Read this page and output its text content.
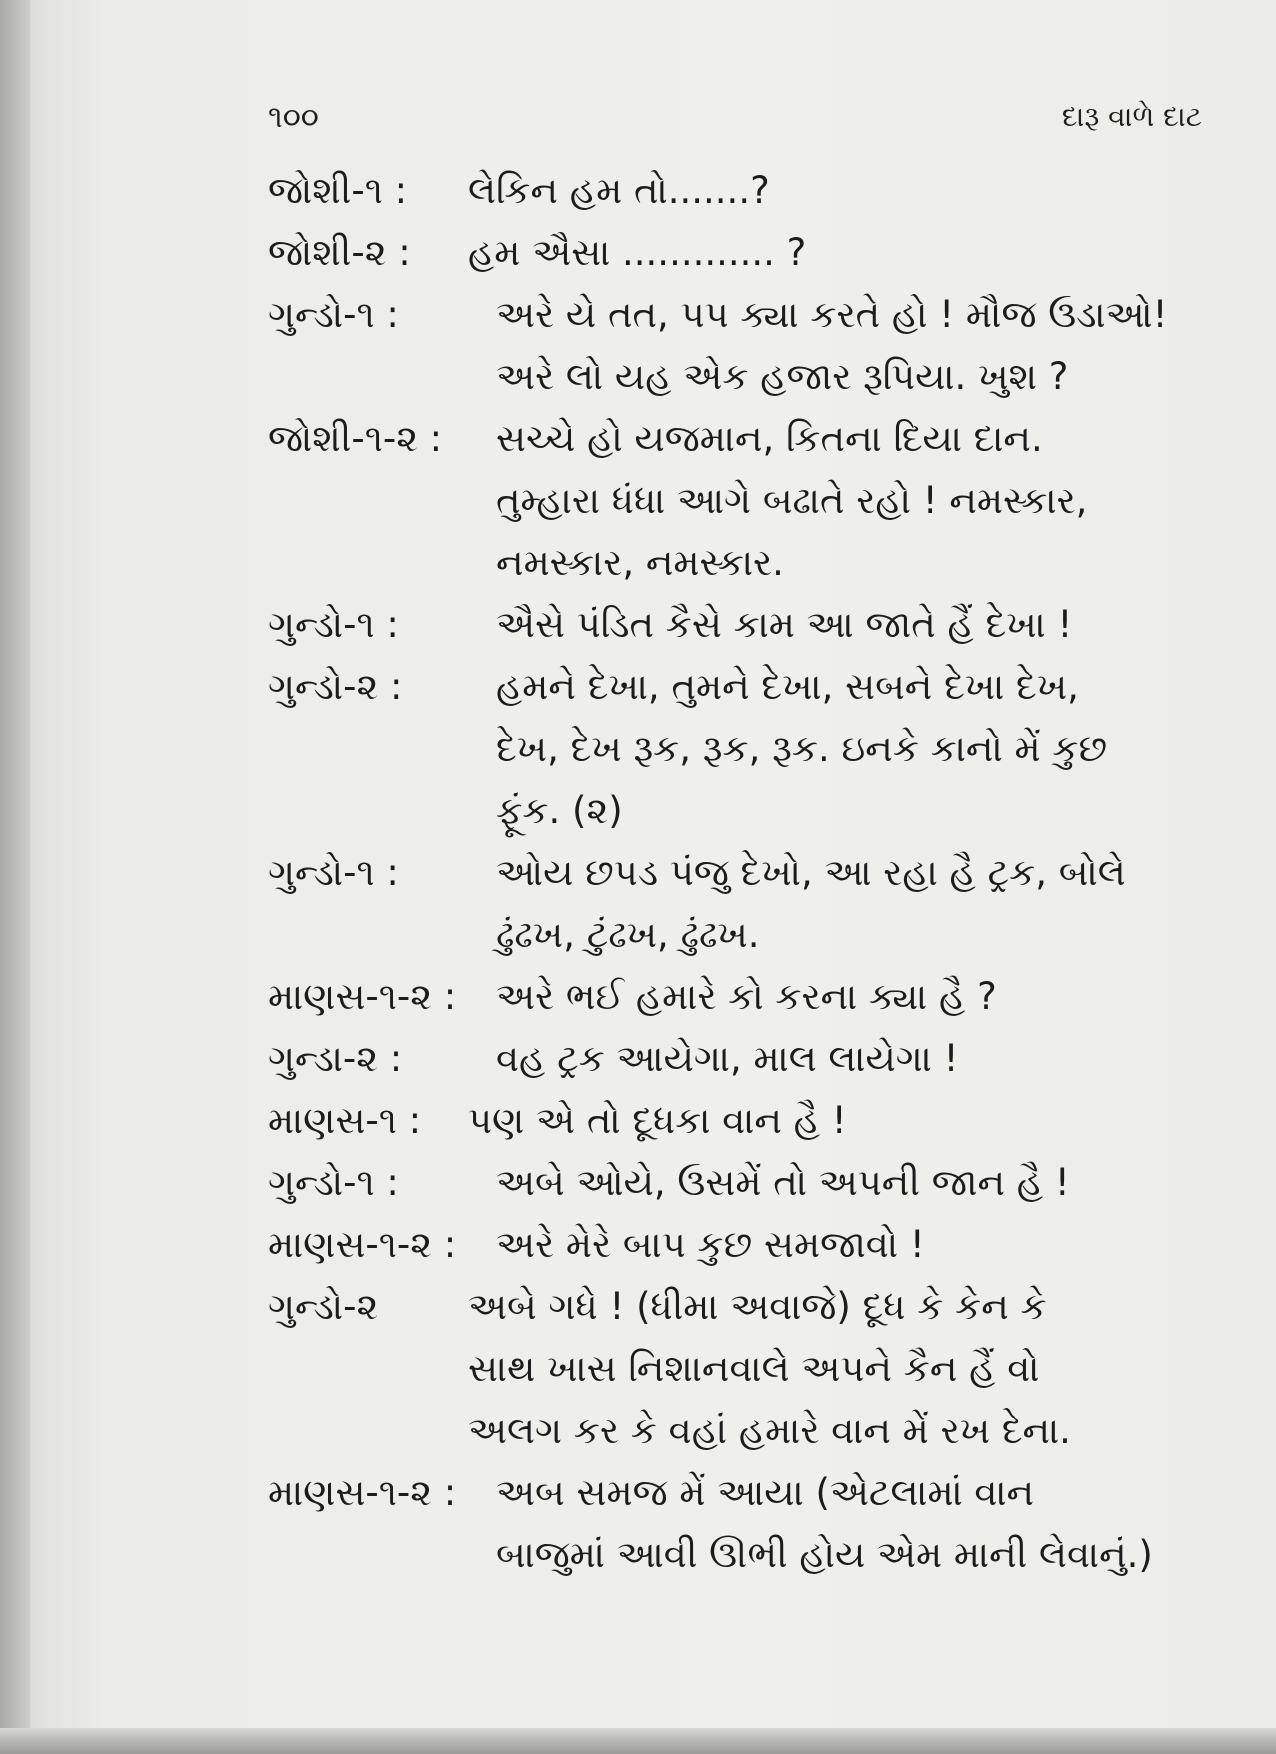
૧૦૦	દારૂ વાળે દાટ
જોશી-૧ :	લેકિન હમ તો.......?
જોશી-૨ :	હમ ઐસા ............. ?
ગુન્ડો-૧ :	અરે યે તત, પપ ક્યા કરતે હો ! મૌજ ઉડાઓ!
અરે લો યહ એક હજાર રૂપિયા. ખુશ ?
જોશી-૧-૨ :	સચ્ચે હો યજમાન, કિતના દિયા દાન.
તુમ્હારા ધંધા આગે બઢાતે રહો ! નમસ્કાર,
નમસ્કાર, નમસ્કાર.
ગુન્ડો-૧ :	ઐસે પંડિત કૈસે કામ આ જાતે હૈં દેખા !
ગુન્ડો-૨ :	હમને દેખા, તુમને દેખા, સબને દેખા દેખ,
દેખ, દેખ રૂક, રૂક, રૂક. ઇનકે કાનો મેં કુછ
ફૂંક. (૨)
ગુન્ડો-૧ :	ઓય છપડ પંજુ દેખો, આ રહા હૈ ટ્રક, બોલે
ઢુંઢખ, ટુંઢખ, ઢુંઢખ.
માણસ-૧-૨ :	અરે ભઈ હમારે કો કરના ક્યા હૈ ?
ગુન્ડા-૨ :	વહ ટ્રક આયેગા, માલ લાયેગા !
માણસ-૧ :	પણ એ તો દૂધકા વાન હૈ !
ગુન્ડો-૧ :	અબે ઓયે, ઉસમેં તો અપની જાન હૈ !
માણસ-૧-૨ :	અરે મેરે બાપ કુછ સમજાવો !
ગુન્ડો-૨	અબે ગધે ! (ધીમા અવાજે) દૂધ કે કેન કે
સાથ ખાસ નિશાનવાલે અપને કૈન હૈં વો
અલગ કર કે વહાં હમારે વાન મેં રખ દેના.
માણસ-૧-૨ :	અબ સમજ મેં આયા (એટલામાં વાન
બાજુમાં આવી ઊભી હોય એમ માની લેવાનું.)
